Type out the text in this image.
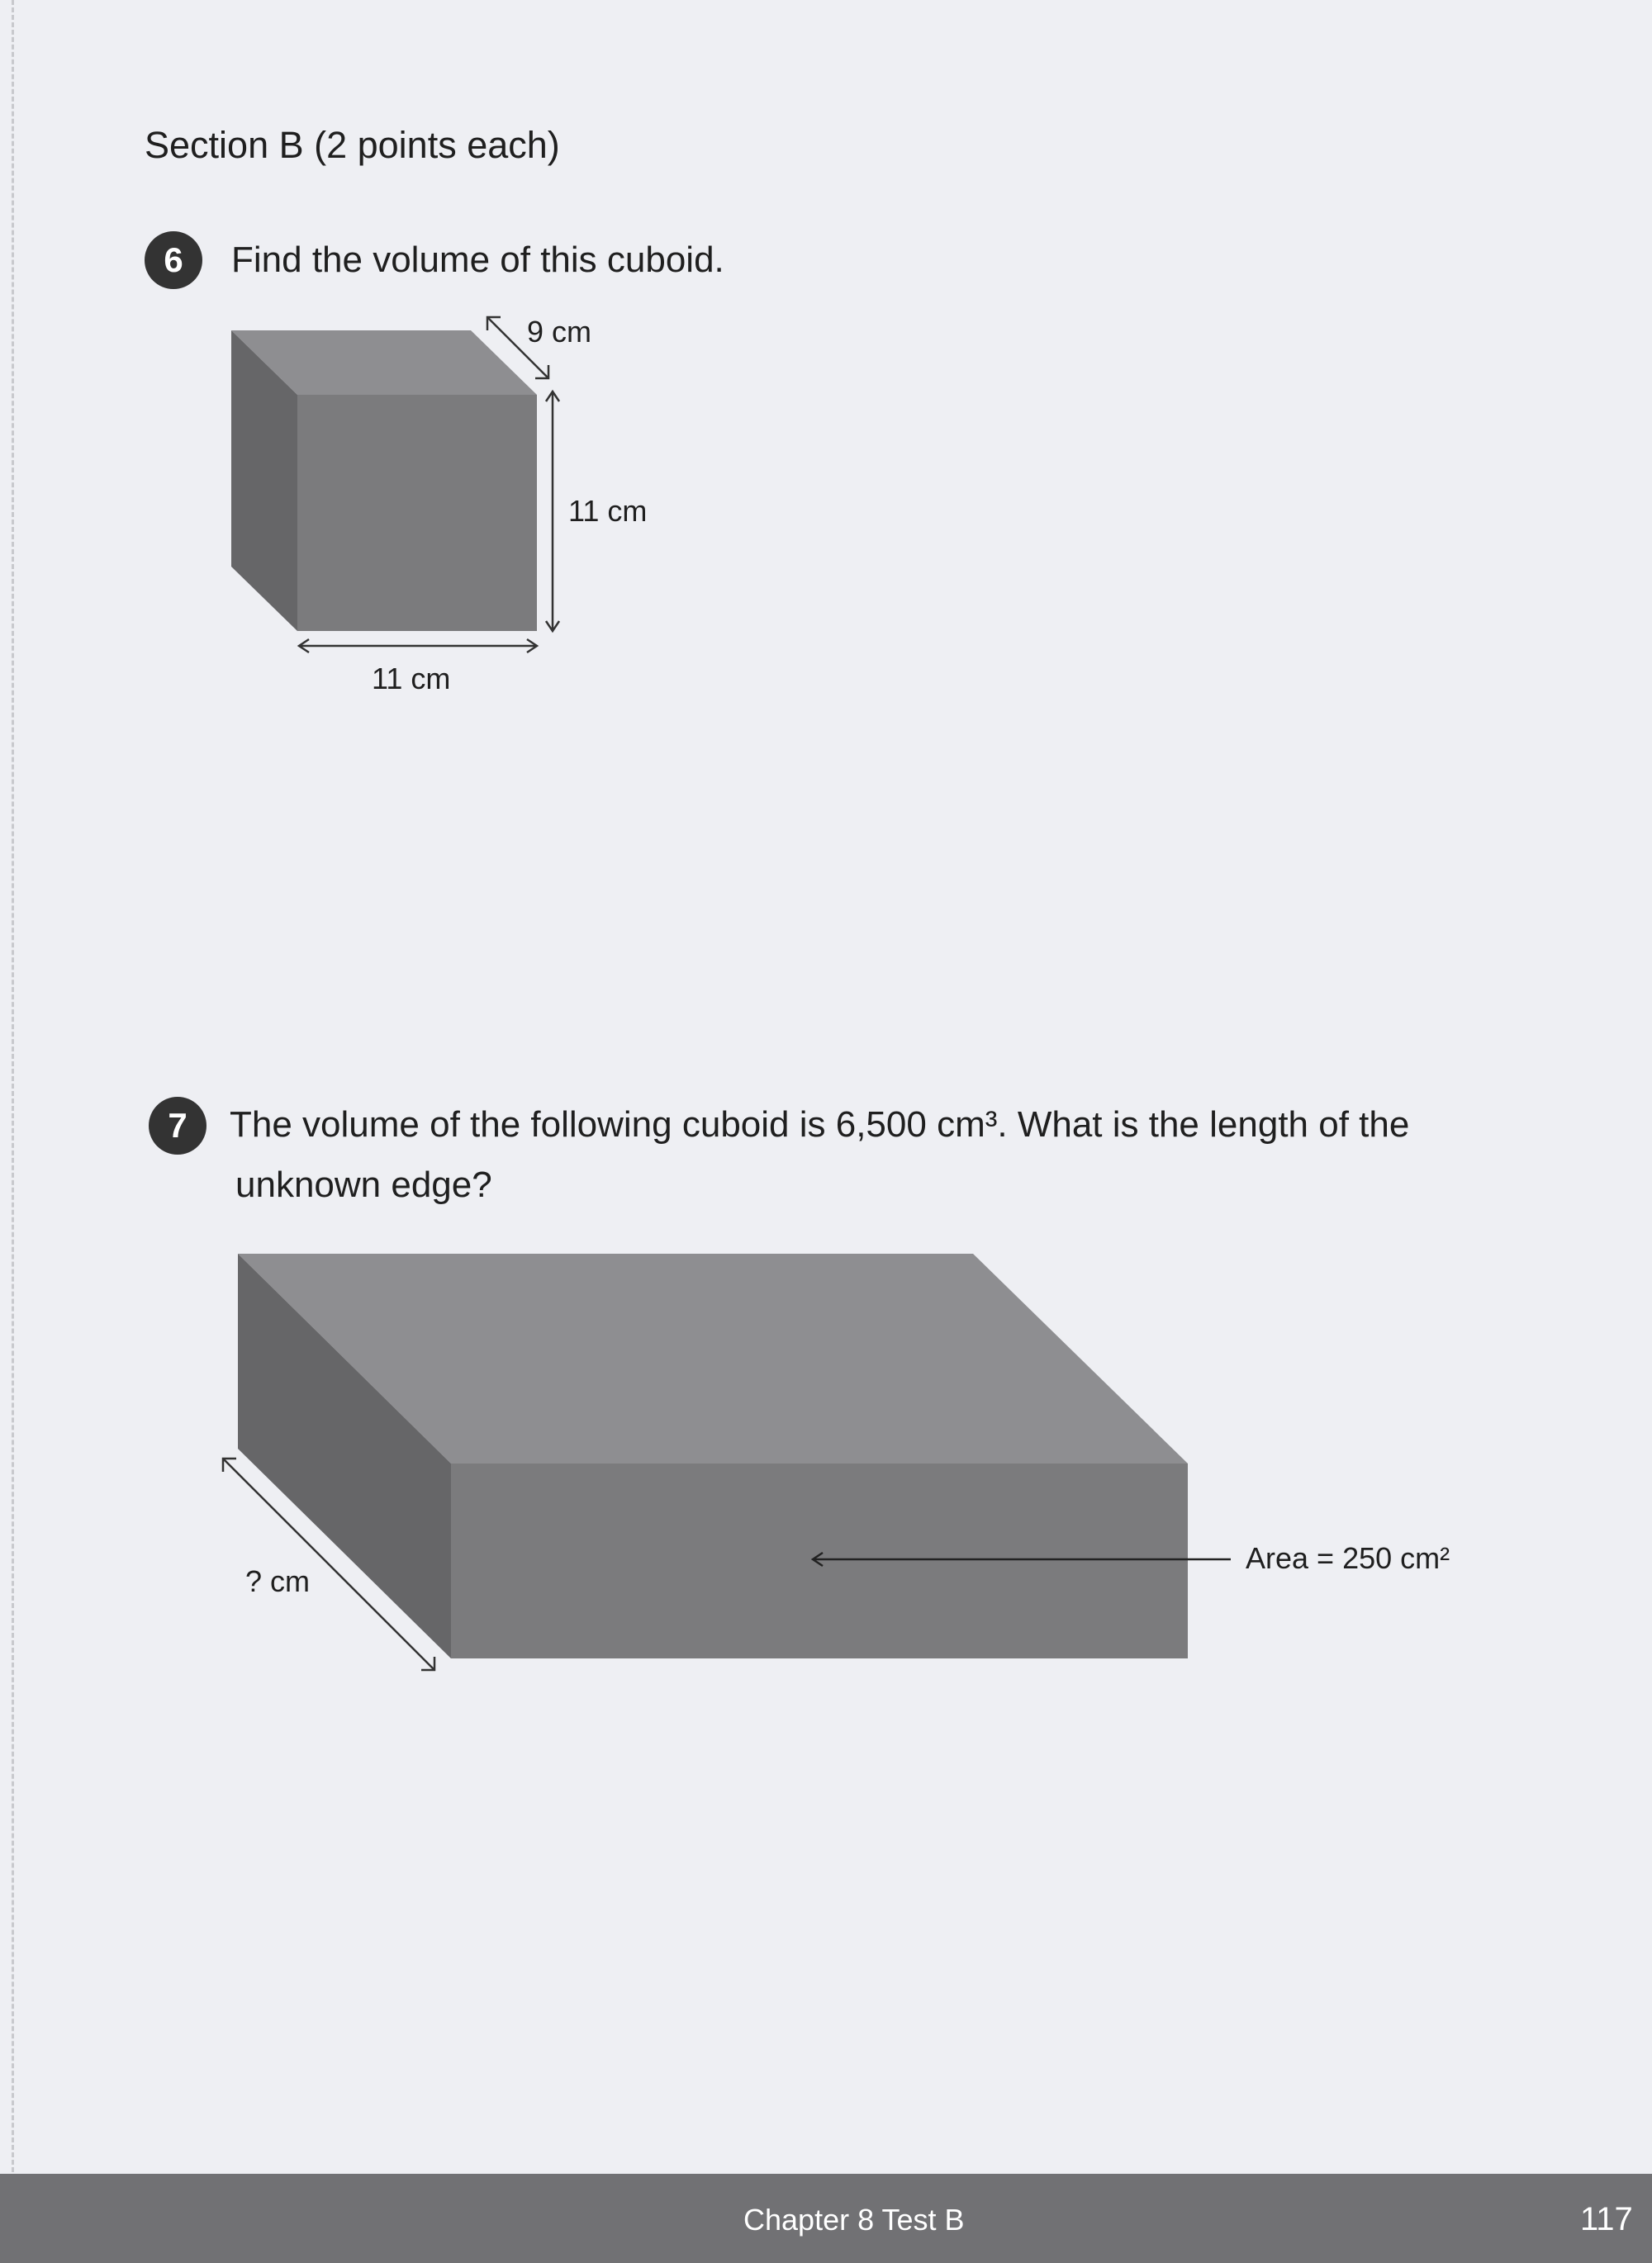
Section B (2 points each)
6	Find the volume of this cuboid.
9 cm
11 cm
11 cm
7	The volume of the following cuboid is 6,500 cm³. What is the length of the
unknown edge?
? cm
Area = 250 cm²
Chapter 8 Test B	117
